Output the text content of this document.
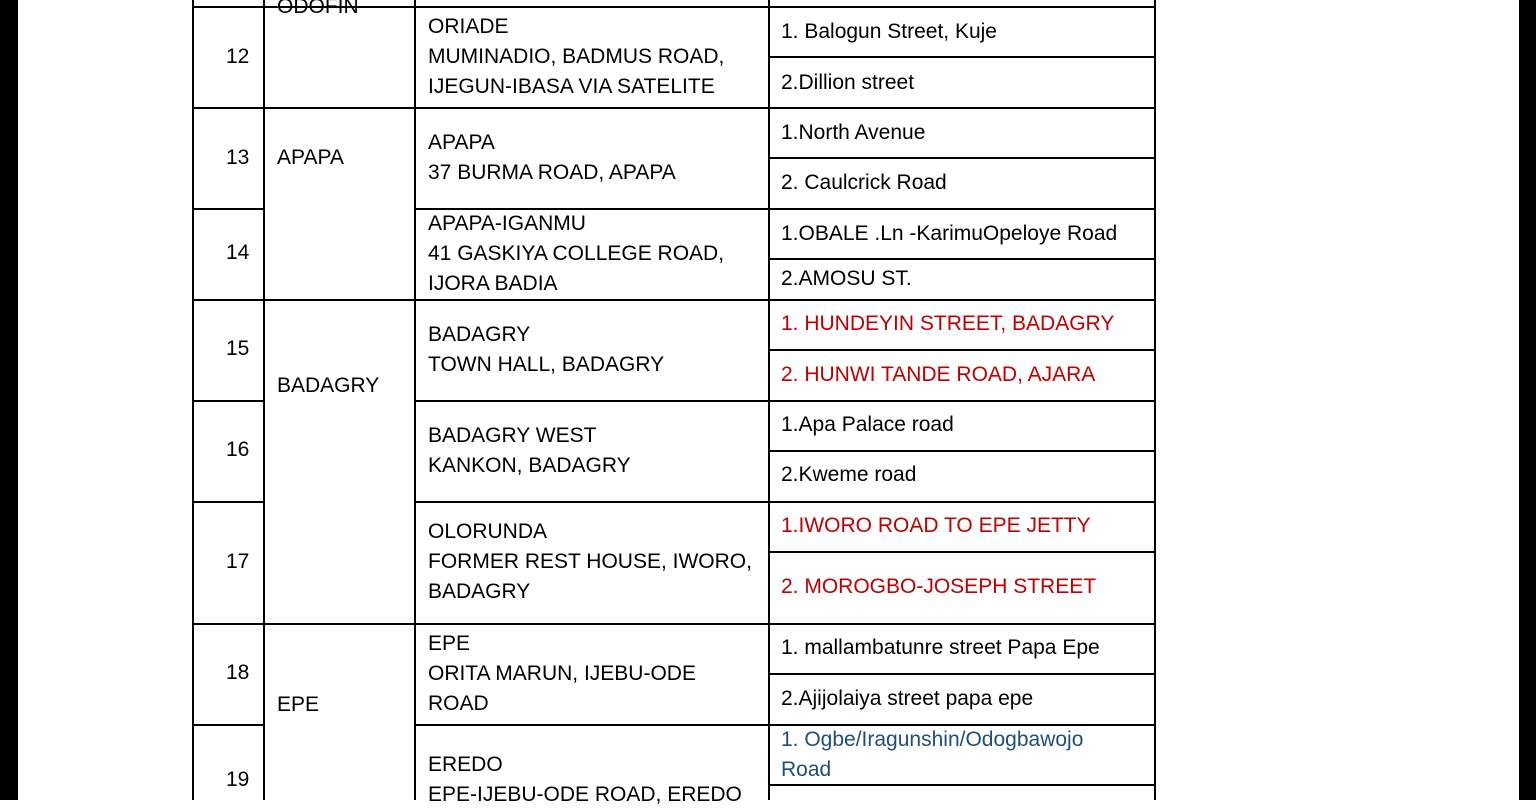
ODOFIN
12
ORIADE
MUMINADIO, BADMUS ROAD,
IJEGUN-IBASA VIA SATELITE
1. Balogun Street, Kuje
2.Dillion street
13 APAPA
APAPA
37 BURMA ROAD, APAPA
1.North Avenue
2. Caulcrick Road
14
APAPA-IGANMU
41 GASKIYA COLLEGE ROAD,
IJORA BADIA
1.OBALE .Ln -KarimuOpeloye Road
2.AMOSU ST.
15
BADAGRY
BADAGRY
TOWN HALL, BADAGRY
1. HUNDEYIN STREET, BADAGRY
2. HUNWI TANDE ROAD, AJARA
16
BADAGRY WEST
KANKON, BADAGRY
1.Apa Palace road
2.Kweme road
17
OLORUNDA
FORMER REST HOUSE, IWORO,
BADAGRY
1.IWORO ROAD TO EPE JETTY
2. MOROGBO-JOSEPH STREET
18
EPE
EPE
ORITA MARUN, IJEBU-ODE
ROAD
1. mallambatunre street Papa Epe
2.Ajijolaiya street papa epe
19
EREDO
EPE-IJEBU-ODE ROAD, EREDO
1. Ogbe/Iragunshin/Odogbawojo
Road
